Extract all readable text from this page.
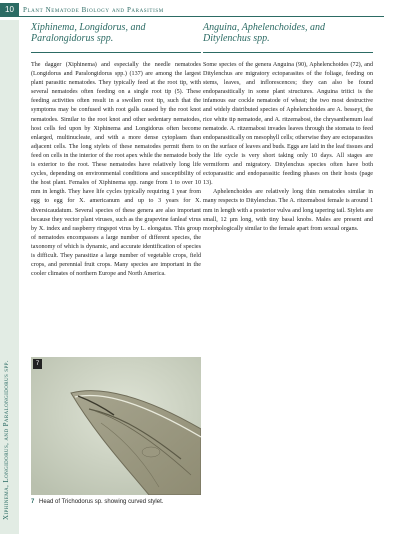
10	Plant Nematode Biology and Parasitism
Xiphinema, Longidorus, and Paralongidorus spp.
Xiphinema, Longidorus, and
Paralongidorus spp.

The dagger (Xiphinema) and especially the needle nematodes (Longidorus and Paralongidorus spp.) (137) are among the largest plant parasitic nematodes. They typically feed at the root tip, with several nematodes often feeding on a single root tip (5). These feeding activities often result in a swollen root tip, such that the symptoms may be confused with root galls caused by the root knot nematodes. Similar to the root knot and other sedentary nematodes, host cells fed upon by Xiphinema and Longidorus often become enlarged, multinucleate, and with a more dense cytoplasm than adjacent cells. The long stylets of these nematodes permit them to feed on cells in the interior of the root apex while the nematode body is exterior to the root. These nematodes have relatively long life cycles, depending on environmental conditions and susceptibility of the host plant. Females of Xiphinema spp. range from 1 to over 10 mm in length. They have life cycles typically requiring 1 year from egg to egg for X. americanum and up to 3 years for X. diversicaudatum. Several species of these genera are also important because they vector plant viruses, such as the grapevine fanleaf virus by X. index and raspberry ringspot virus by L. elongatus. This group of nematodes encompasses a large number of different species, the taxonomy of which is dynamic, and accurate identification of species is difficult. They parasitize a large number of vegetable crops, field crops, and perennial fruit crops. Many species are important in the cooler climates of northern Europe and North America.

Anguina, Aphelenchoides, and
Ditylenchus spp.

Some species of the genera Anguina (90), Aphelenchoides (72), and Ditylenchus are migratory ectoparasites of the foliage, feeding on stems, leaves, and inflorescences; they can also be found endoparasitically in some plant structures. Anguina tritici is the infamous ear cockle nematode of wheat; the two most destructive and widely distributed species of Aphelenchoides are A. besseyi, the rice white tip nematode, and A. ritzemabosi, the chrysanthemum leaf nematode. A. ritzemabosi invades leaves through the stomata to feed endoparasitically on mesophyll cells; otherwise they are ectoparasites on the surface of leaves and buds. Eggs are laid in the leaf tissues and the life cycle is very short taking only 10 days. All stages are vermiform and migratory. Ditylenchus species often have both ectoparasitic and endoparasitic feeding phases on their hosts (page 13).

Aphelenchoides are relatively long thin nematodes similar in many respects to Ditylenchus. The A. ritzemabosi female is around 1 mm in length with a posterior vulva and long tapering tail. Stylets are small, 12 µm long, with tiny basal knobs. Males are present and morphologically similar to the female apart from sexual organs.

7
7 Head of Trichodorus sp. showing curved stylet.
